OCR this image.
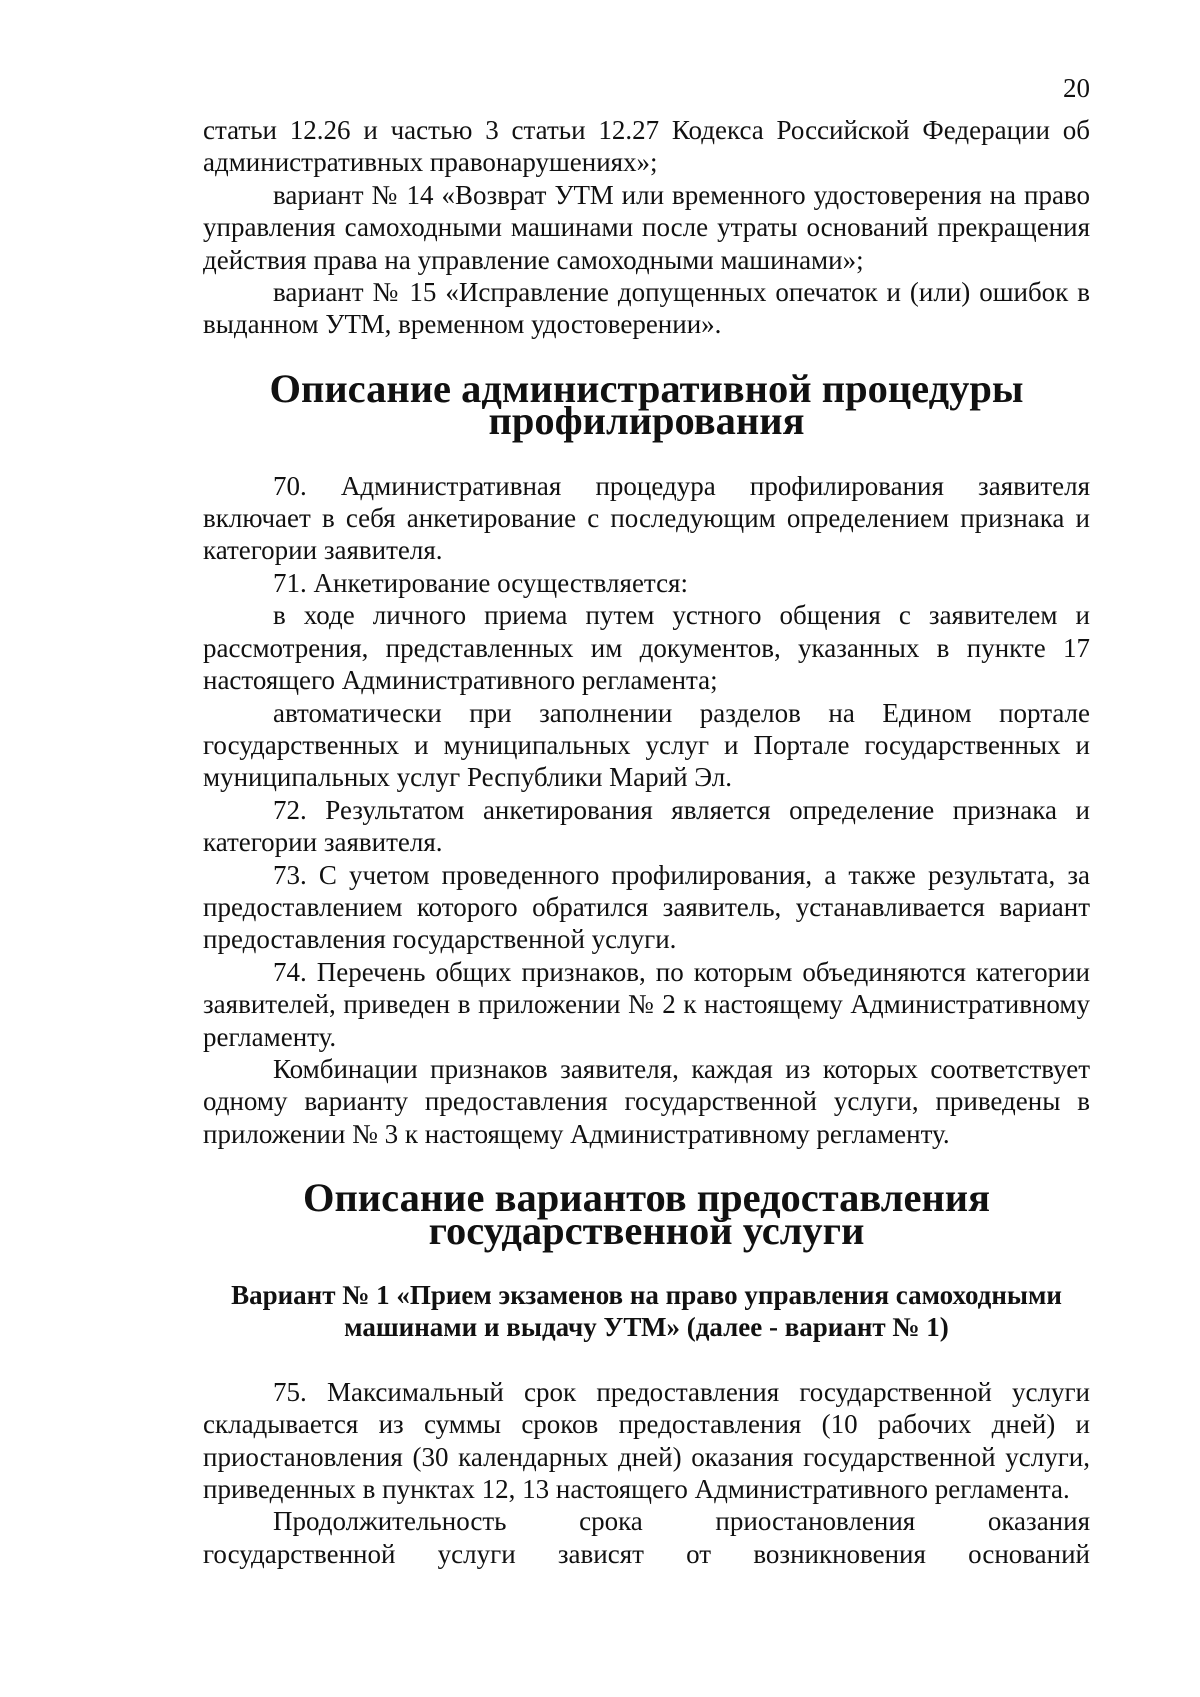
20

статьи 12.26 и частью 3 статьи 12.27 Кодекса Российской Федерации об административных правонарушениях»;

вариант № 14 «Возврат УТМ или временного удостоверения на право управления самоходными машинами после утраты оснований прекращения действия права на управление самоходными машинами»;

вариант № 15 «Исправление допущенных опечаток и (или) ошибок в выданном УТМ, временном удостоверении».

Описание административной процедуры профилирования

70. Административная процедура профилирования заявителя включает в себя анкетирование с последующим определением признака и категории заявителя.

71. Анкетирование осуществляется:

в ходе личного приема путем устного общения с заявителем и рассмотрения, представленных им документов, указанных в пункте 17 настоящего Административного регламента;

автоматически при заполнении разделов на Едином портале государственных и муниципальных услуг и Портале государственных и муниципальных услуг Республики Марий Эл.

72. Результатом анкетирования является определение признака и категории заявителя.

73. С учетом проведенного профилирования, а также результата, за предоставлением которого обратился заявитель, устанавливается вариант предоставления государственной услуги.

74. Перечень общих признаков, по которым объединяются категории заявителей, приведен в приложении № 2 к настоящему Административному регламенту.

Комбинации признаков заявителя, каждая из которых соответствует одному варианту предоставления государственной услуги, приведены в приложении № 3 к настоящему Административному регламенту.

Описание вариантов предоставления государственной услуги
Вариант № 1 «Прием экзаменов на право управления самоходными
машинами и выдачу УТМ» (далее - вариант № 1)

75. Максимальный срок предоставления государственной услуги складывается из суммы сроков предоставления (10 рабочих дней) и приостановления (30 календарных дней) оказания государственной услуги, приведенных в пунктах 12, 13 настоящего Административного регламента.

Продолжительность срока приостановления оказания государственной услуги зависят от возникновения оснований
